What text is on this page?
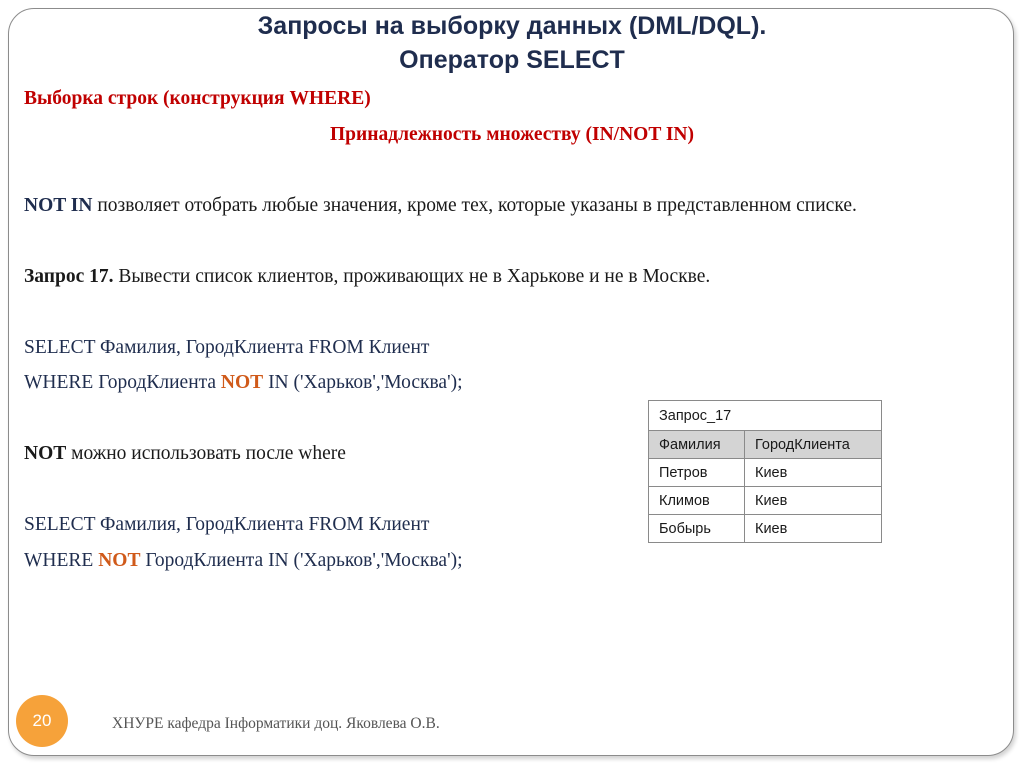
Запросы на выборку данных (DML/DQL).
Оператор SELECT
Выборка строк (конструкция WHERE)
Принадлежность множеству (IN/NOT IN)
NOT IN позволяет отобрать любые значения, кроме тех, которые указаны в представленном списке.
Запрос 17. Вывести список клиентов, проживающих не в Харькове и не в Москве.
SELECT Фамилия, ГородКлиента FROM Клиент
WHERE ГородКлиента NOT IN ('Харьков','Москва');
NOT можно использовать после where
SELECT Фамилия, ГородКлиента FROM Клиент
WHERE NOT ГородКлиента IN ('Харьков','Москва');
Запрос_17	
Фамилия	ГородКлиента
Петров	Киев
Климов	Киев
Бобырь	Киев
20	ХНУРЕ кафедра Інформатики доц. Яковлева О.В.
